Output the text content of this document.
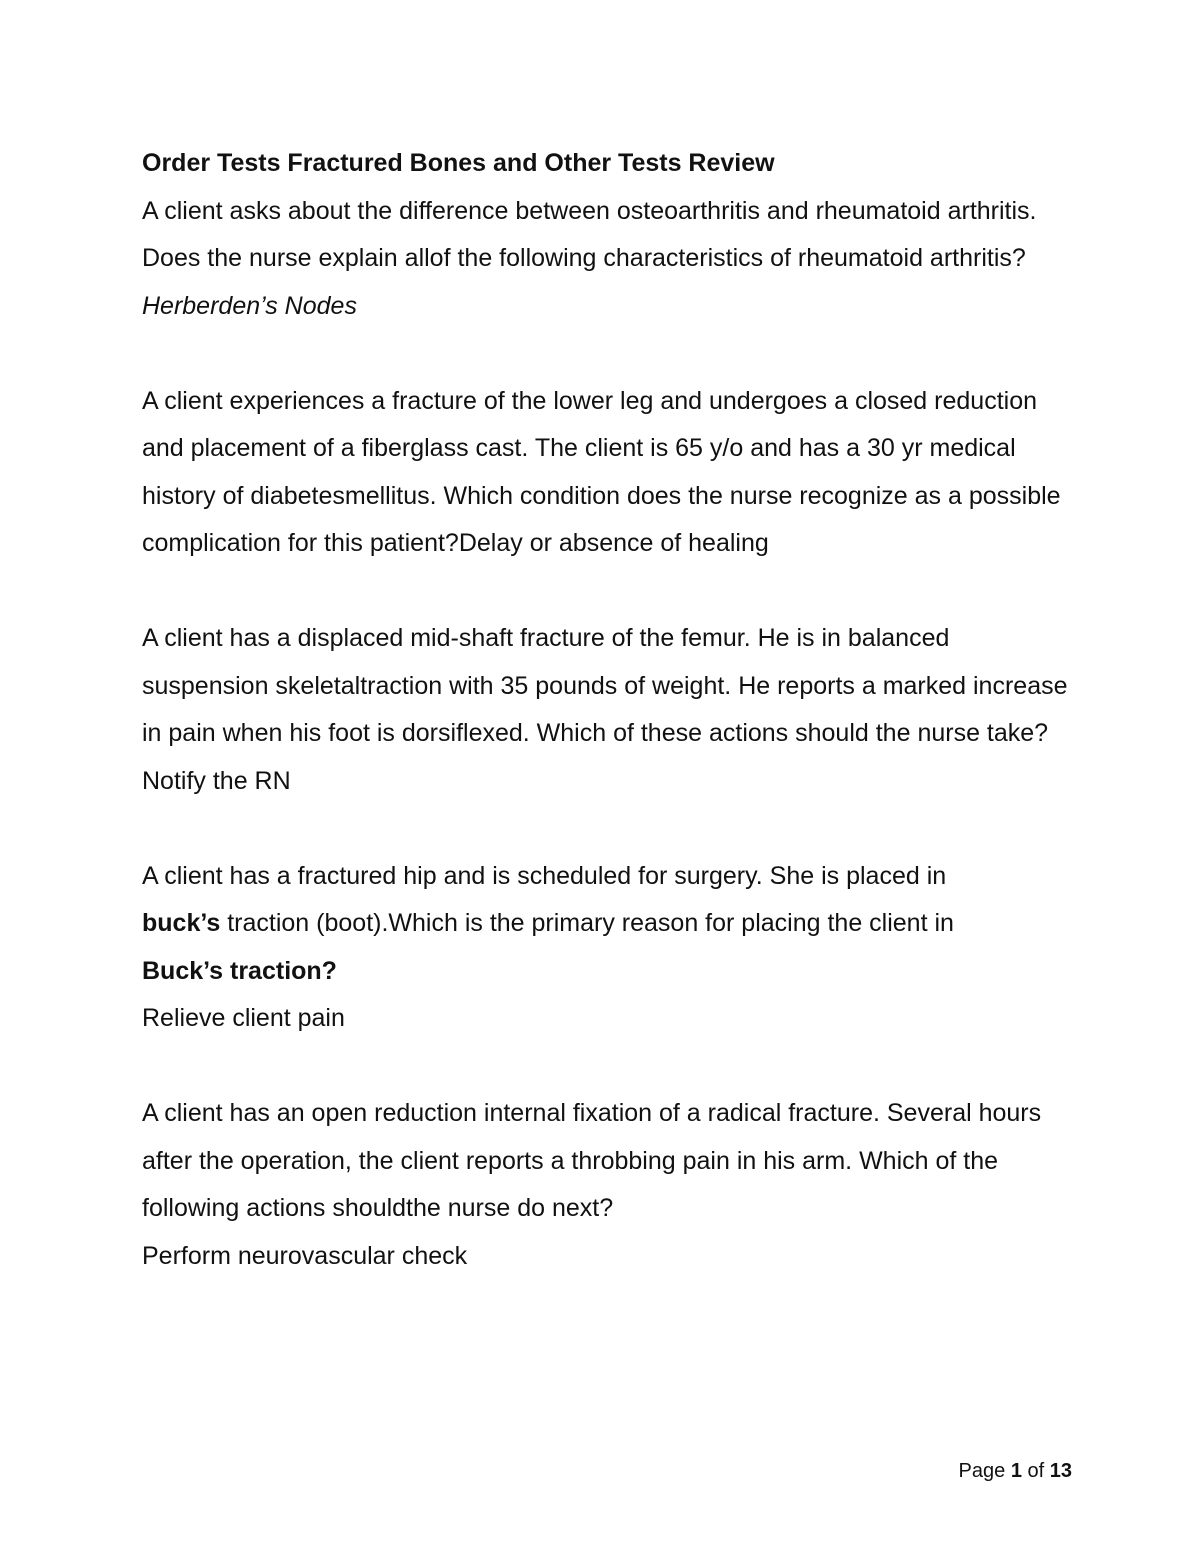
Order Tests Fractured Bones and Other Tests Review

A client asks about the difference between osteoarthritis and rheumatoid arthritis. Does the nurse explain allof the following characteristics of rheumatoid arthritis?

Herberden’s Nodes

A client experiences a fracture of the lower leg and undergoes a closed reduction and placement of a fiberglass cast. The client is 65 y/o and has a 30 yr medical history of diabetesmellitus. Which condition does the nurse recognize as a possible complication for this patient?Delay or absence of healing

A client has a displaced mid-shaft fracture of the femur. He is in balanced suspension skeletaltraction with 35 pounds of weight. He reports a marked increase in pain when his foot is dorsiflexed. Which of these actions should the nurse take?

Notify the RN

A client has a fractured hip and is scheduled for surgery. She is placed in
buck’s traction (boot).Which is the primary reason for placing the client in
Buck’s traction?

Relieve client pain

A client has an open reduction internal fixation of a radical fracture. Several hours after the operation, the client reports a throbbing pain in his arm. Which of the following actions shouldthe nurse do next?

Perform neurovascular check

Page 1 of 13
